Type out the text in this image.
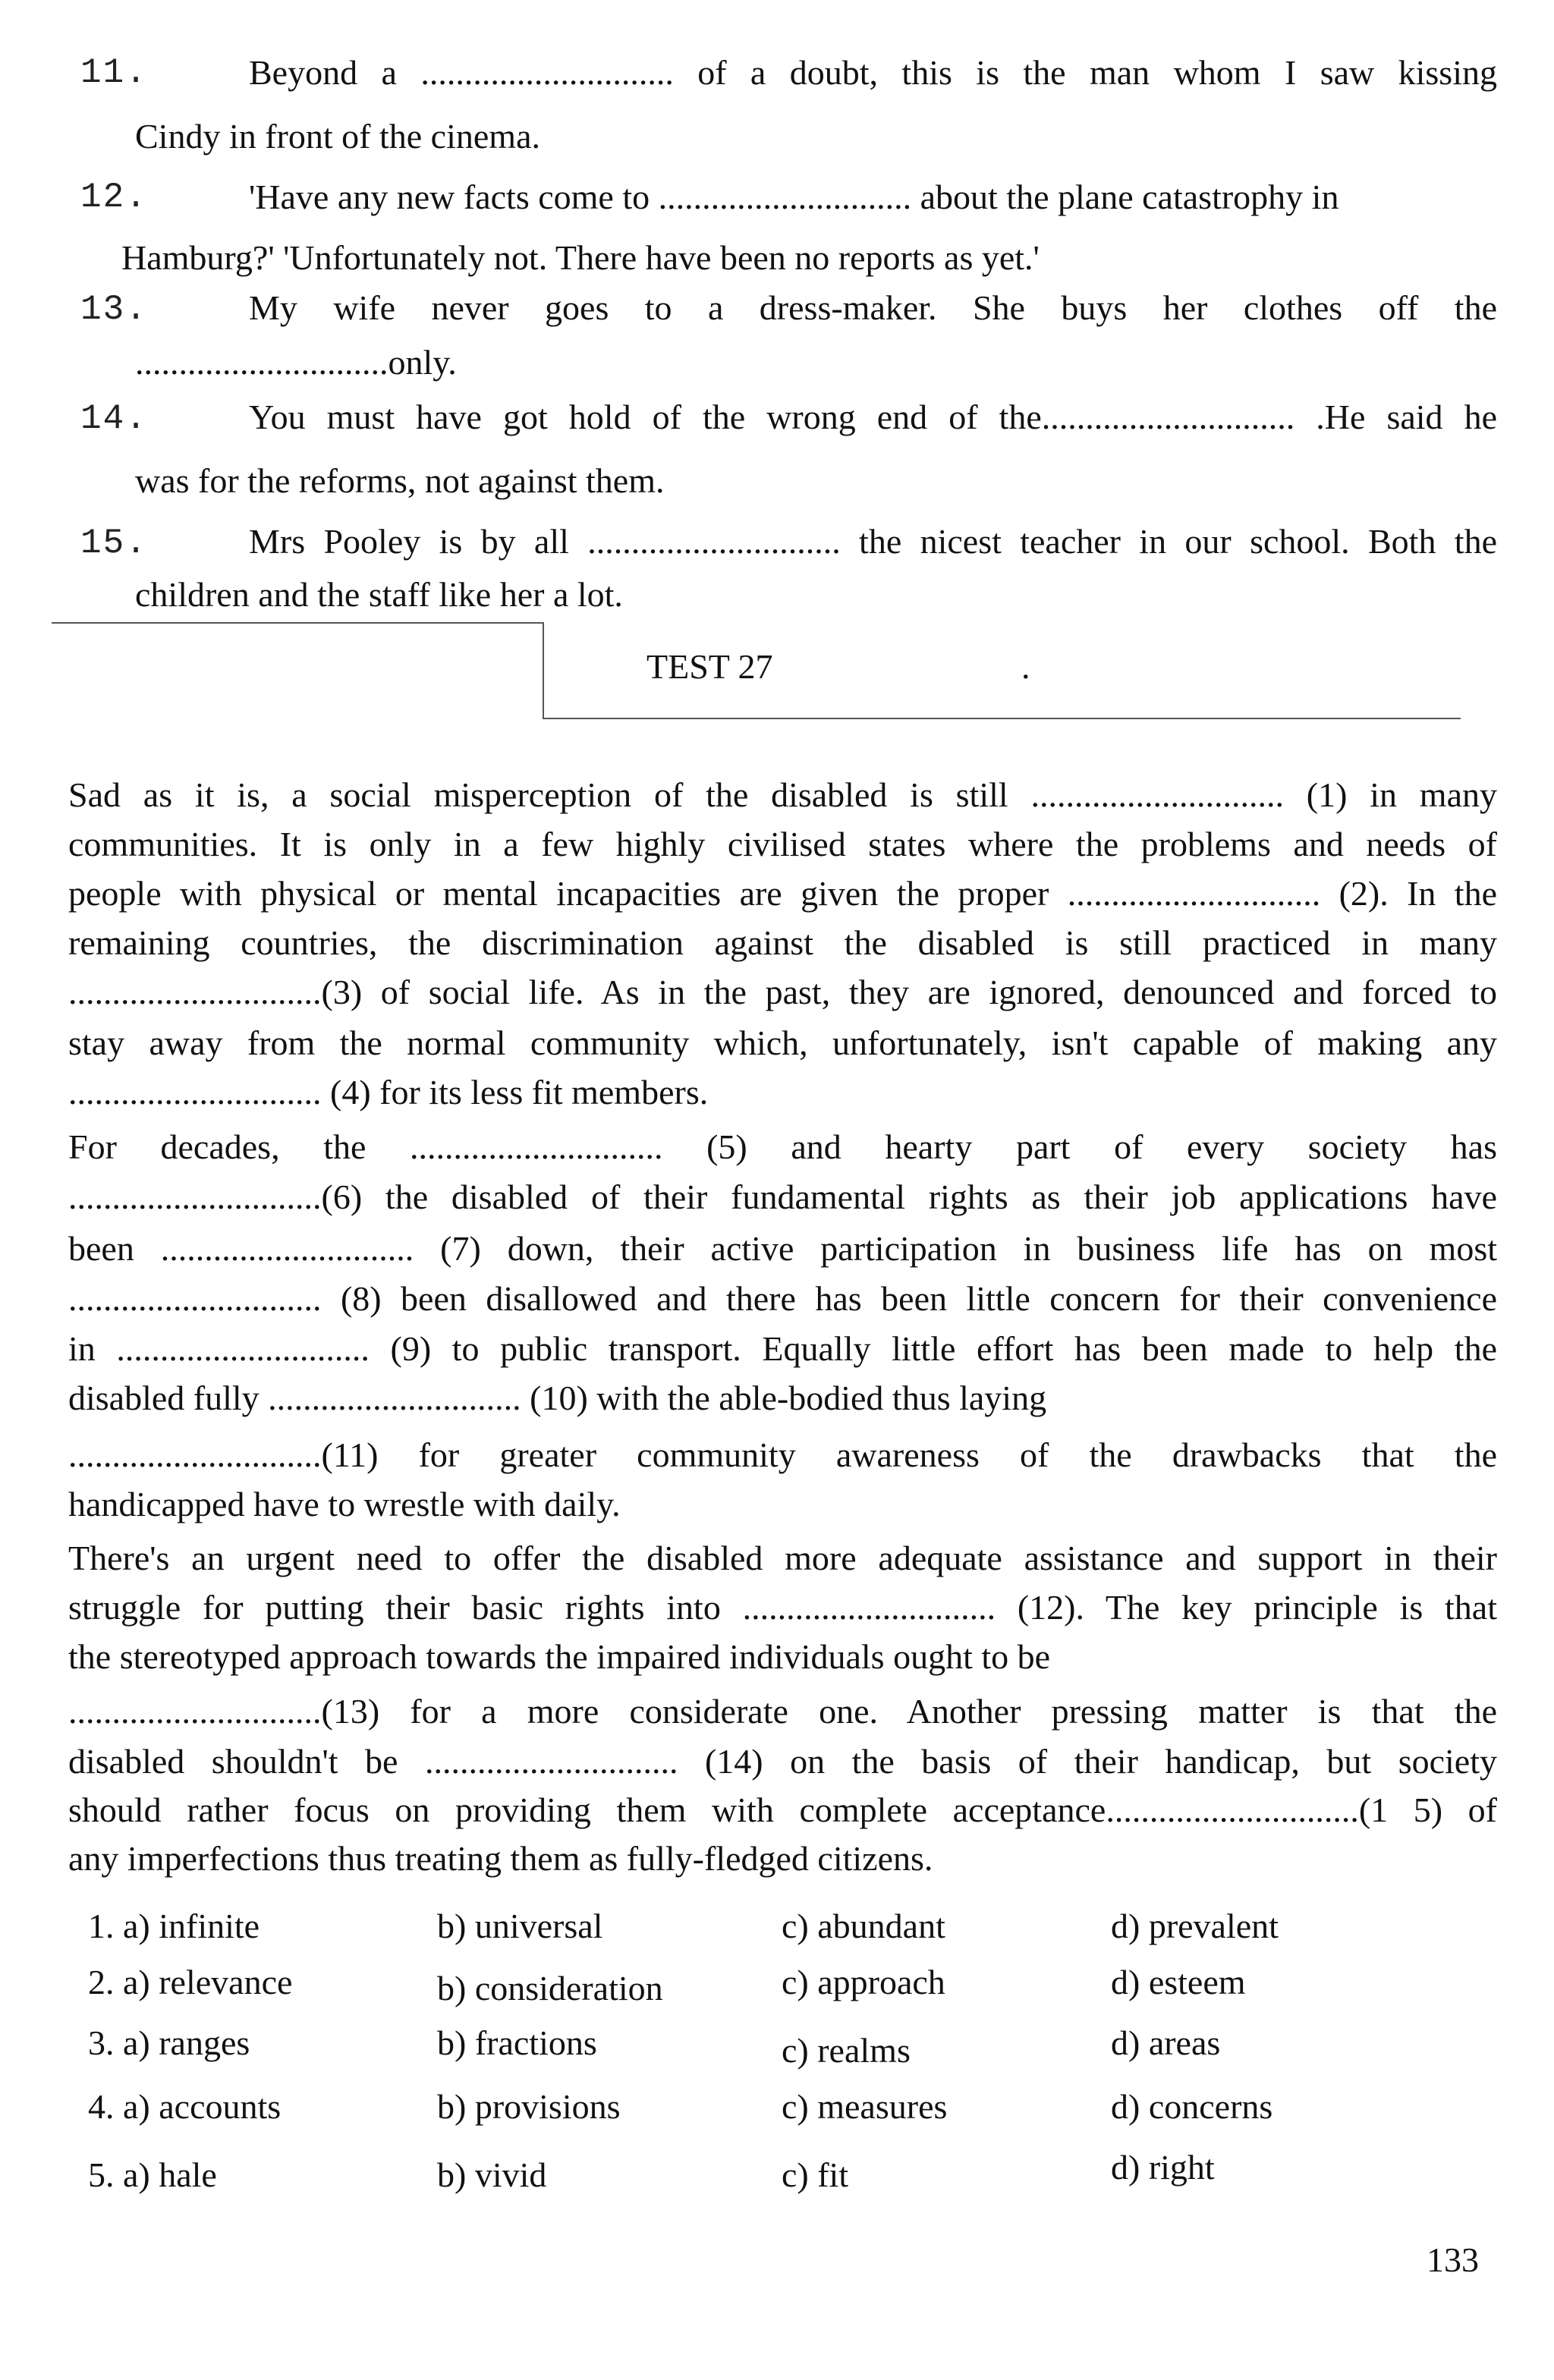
11.	Beyond a ............................. of a doubt, this is the man whom I saw kissing
Cindy in front of the cinema.
12.	'Have any new facts come to ............................. about the plane catastrophy in
Hamburg?' 'Unfortunately not. There have been no reports as yet.'
13.	My wife never goes to a dress-maker. She buys her clothes off the
.............................only.
14.	You must have got hold of the wrong end of the............................. .He said he
was for the reforms, not against them.
15.	Mrs Pooley is by all ............................. the nicest teacher in our school. Both the
children and the staff like her a lot.
TEST 27	.
Sad as it is, a social misperception of the disabled is still ............................. (1) in many
communities. It is only in a few highly civilised states where the problems and needs of
people with physical or mental incapacities are given the proper ............................. (2). In the
remaining countries, the discrimination against the disabled is still practiced in many
.............................(3) of social life. As in the past, they are ignored, denounced and forced to
stay away from the normal community which, unfortunately, isn't capable of making any
............................. (4) for its less fit members.
For decades, the ............................. (5) and hearty part of every society has
.............................(6) the disabled of their fundamental rights as their job applications have
been ............................. (7) down, their active participation in business life has on most
............................. (8) been disallowed and there has been little concern for their convenience
in ............................. (9) to public transport. Equally little effort has been made to help the
disabled fully ............................. (10) with the able-bodied thus laying
.............................(11) for greater community awareness of the drawbacks that the
handicapped have to wrestle with daily.
There's an urgent need to offer the disabled more adequate assistance and support in their
struggle for putting their basic rights into ............................. (12). The key principle is that
the stereotyped approach towards the impaired individuals ought to be
.............................(13) for a more considerate one. Another pressing matter is that the
disabled shouldn't be ............................. (14) on the basis of their handicap, but society
should rather focus on providing them with complete acceptance.............................(1 5) of
any imperfections thus treating them as fully-fledged citizens.
1. a) infinite	b) universal	c) abundant	d) prevalent
2. a) relevance	b) consideration	c) approach	d) esteem
3. a) ranges	b) fractions	c) realms	d) areas
4. a) accounts	b) provisions	c) measures	d) concerns
5. a) hale	b) vivid	c) fit	d) right
133
